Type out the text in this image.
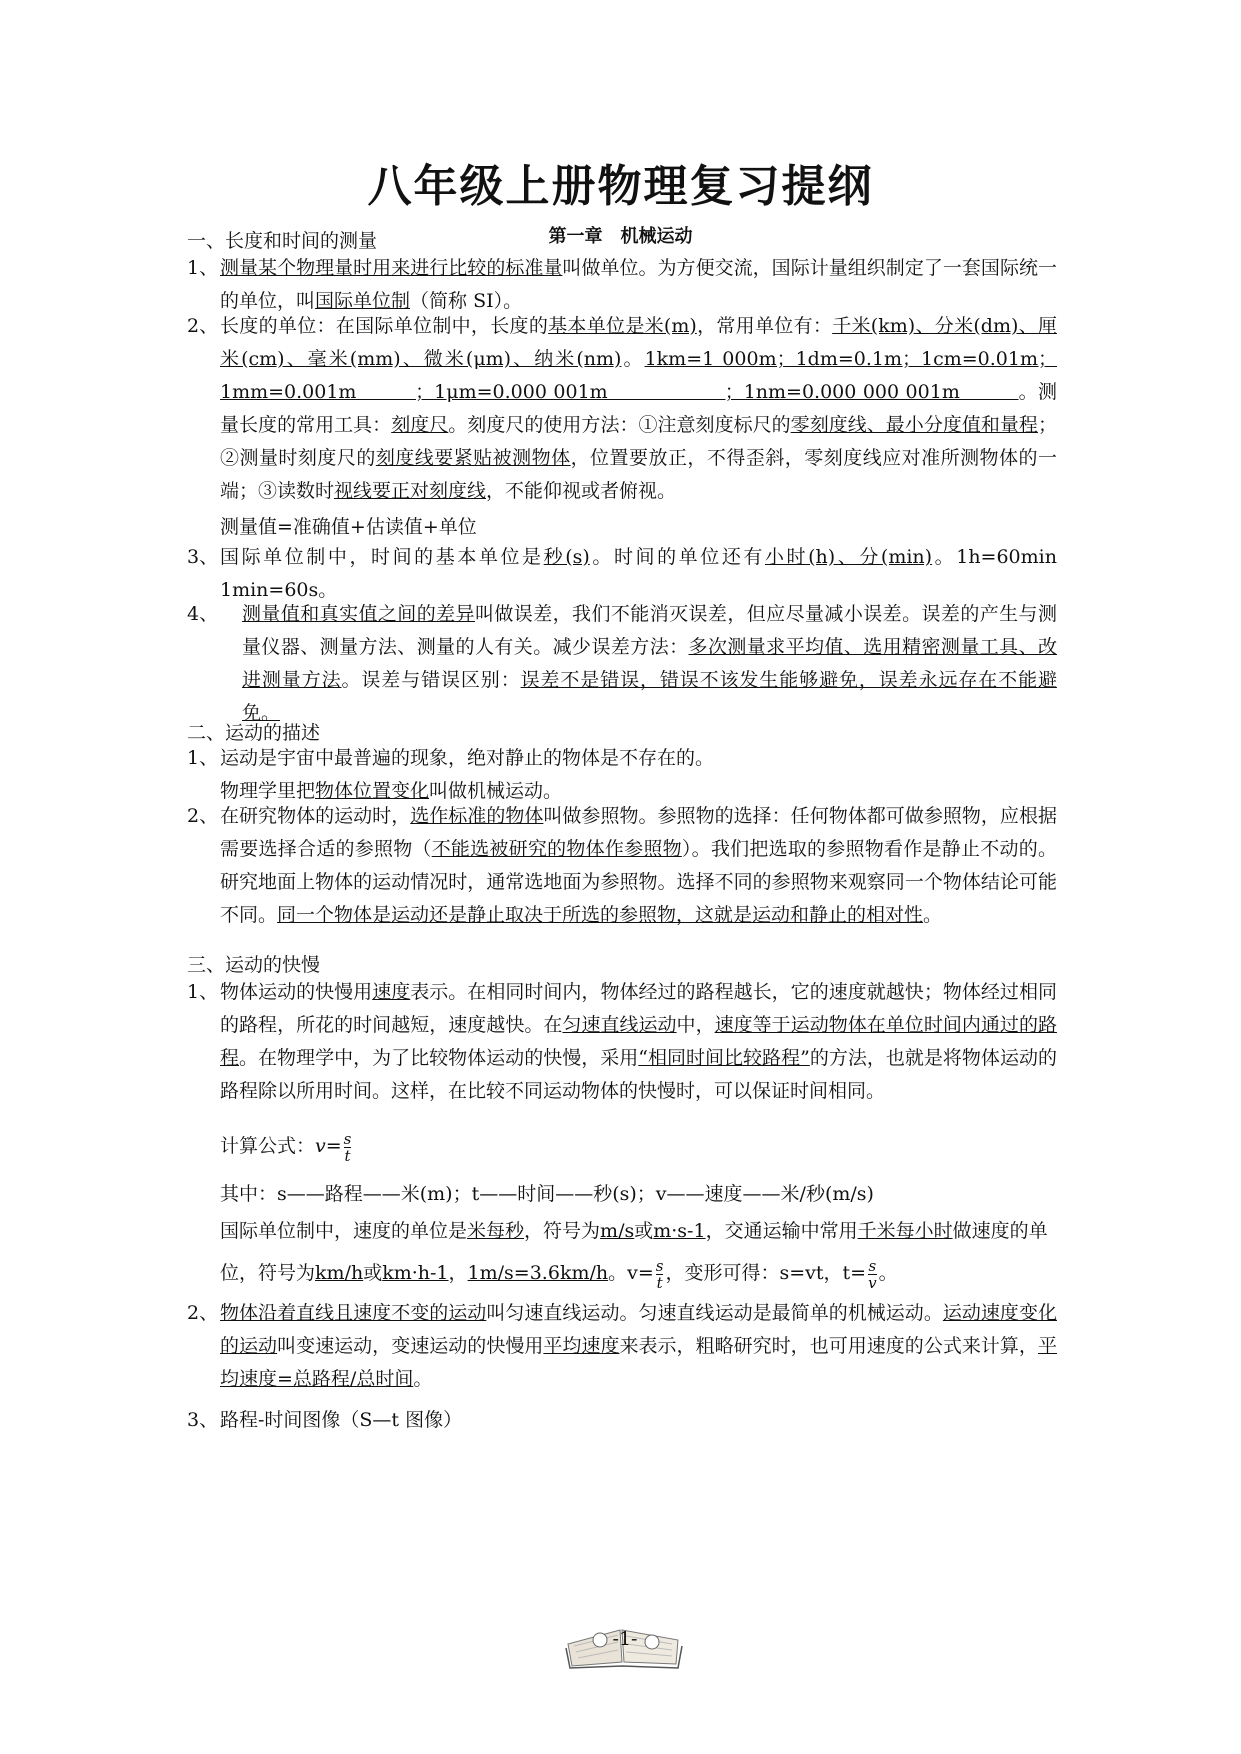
八年级上册物理复习提纲
第一章　机械运动
一、长度和时间的测量
1、 测量某个物理量时用来进行比较的标准量叫做单位。为方便交流，国际计量组织制定了一套国际统一的单位，叫国际单位制（简称 SI）。
2、 长度的单位：在国际单位制中，长度的基本单位是米(m)，常用单位有：千米(km)、分米(dm)、厘米(cm)、毫米(mm)、微米(μm)、纳米(nm)。1km=1 000m；1dm=0.1m；1cm=0.01m；1mm=0.001m　　　；1μm=0.000 001m　　　　　　；1nm=0.000 000 001m　　　。测量长度的常用工具：刻度尺。刻度尺的使用方法：①注意刻度标尺的零刻度线、最小分度值和量程；②测量时刻度尺的刻度线要紧贴被测物体，位置要放正，不得歪斜，零刻度线应对准所测物体的一端；③读数时视线要正对刻度线，不能仰视或者俯视。
测量值=准确值+估读值+单位
3、 国际单位制中，时间的基本单位是秒(s)。时间的单位还有小时(h)、分(min)。1h=60min　1min=60s。
4、 测量值和真实值之间的差异叫做误差，我们不能消灭误差，但应尽量减小误差。误差的产生与测量仪器、测量方法、测量的人有关。减少误差方法：多次测量求平均值、选用精密测量工具、改进测量方法。误差与错误区别：误差不是错误，错误不该发生能够避免，误差永远存在不能避免。
二、运动的描述
1、 运动是宇宙中最普遍的现象，绝对静止的物体是不存在的。
物理学里把物体位置变化叫做机械运动。
2、 在研究物体的运动时，选作标准的物体叫做参照物。参照物的选择：任何物体都可做参照物，应根据需要选择合适的参照物（不能选被研究的物体作参照物）。我们把选取的参照物看作是静止不动的。研究地面上物体的运动情况时，通常选地面为参照物。选择不同的参照物来观察同一个物体结论可能不同。同一个物体是运动还是静止取决于所选的参照物，这就是运动和静止的相对性。
三、运动的快慢
1、 物体运动的快慢用速度表示。在相同时间内，物体经过的路程越长，它的速度就越快；物体经过相同的路程，所花的时间越短，速度越快。在匀速直线运动中，速度等于运动物体在单位时间内通过的路程。在物理学中，为了比较物体运动的快慢，采用“相同时间比较路程”的方法，也就是将物体运动的路程除以所用时间。这样，在比较不同运动物体的快慢时，可以保证时间相同。
计算公式：$v= \frac{s}{t}$
其中：s——路程——米(m)；t——时间——秒(s)；v——速度——米/秒(m/s)
国际单位制中，速度的单位是米每秒，符号为m/s或m·s-1，交通运输中常用千米每小时做速度的单位，符号为km/h或km·h-1，1m/s=3.6km/h。$v= \frac{s}{t}$ ，变形可得：s=vt，$t= \frac{s}{v}$ 。
2、 物体沿着直线且速度不变的运动叫匀速直线运动。匀速直线运动是最简单的机械运动。运动速度变化的运动叫变速运动，变速运动的快慢用平均速度来表示，粗略研究时，也可用速度的公式来计算，平均速度=总路程/总时间。
3、 路程-时间图像（S—t 图像）
-1-
